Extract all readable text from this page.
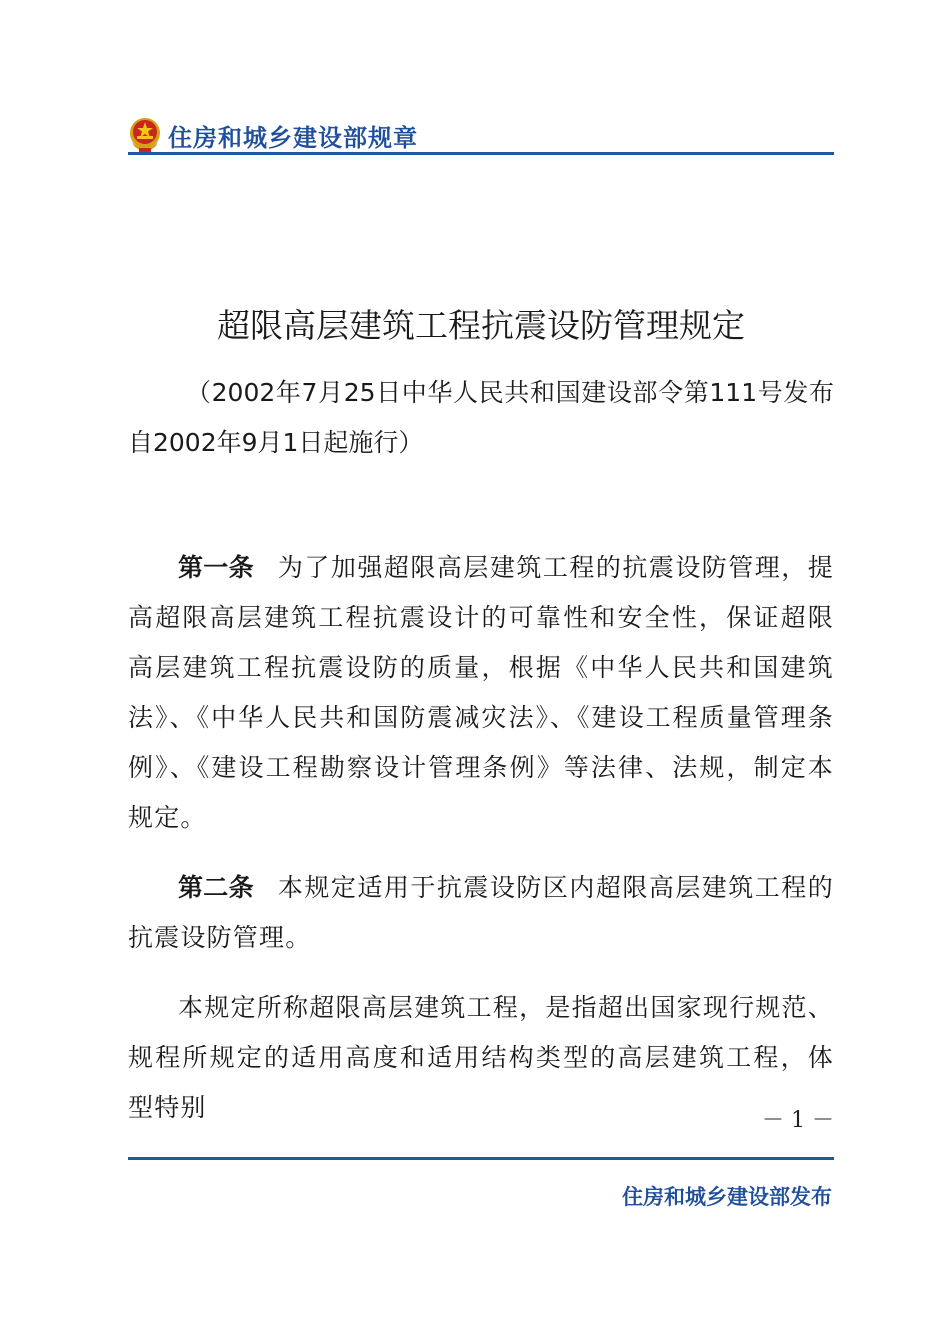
住房和城乡建设部规章
超限高层建筑工程抗震设防管理规定
（2002年7月25日中华人民共和国建设部令第111号发布　自2002年9月1日起施行）

第一条 为了加强超限高层建筑工程的抗震设防管理，提高超限高层建筑工程抗震设计的可靠性和安全性，保证超限高层建筑工程抗震设防的质量，根据《中华人民共和国建筑法》、《中华人民共和国防震减灾法》、《建设工程质量管理条例》、《建设工程勘察设计管理条例》等法律、法规，制定本规定。

第二条 本规定适用于抗震设防区内超限高层建筑工程的抗震设防管理。

本规定所称超限高层建筑工程，是指超出国家现行规范、规程所规定的适用高度和适用结构类型的高层建筑工程，体型特别	－ 1 －
住房和城乡建设部发布
